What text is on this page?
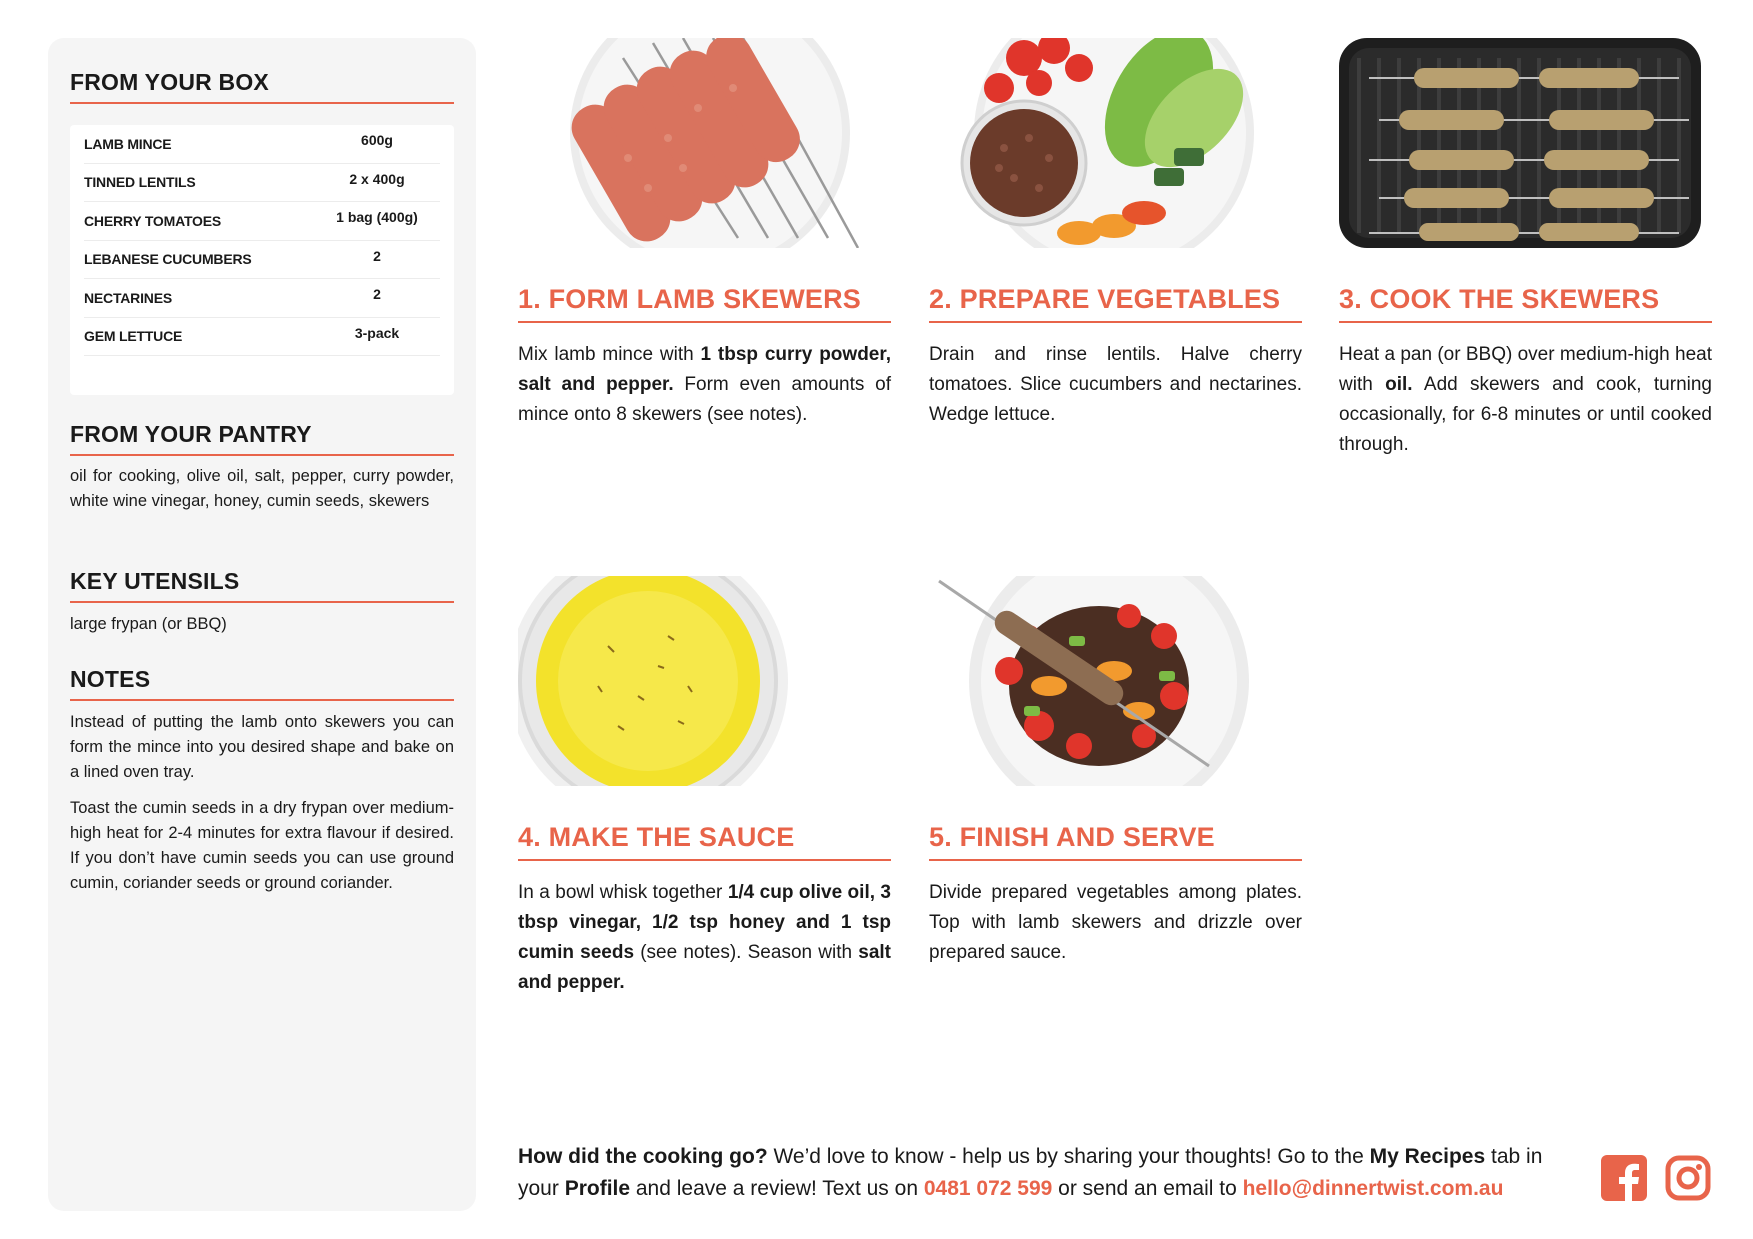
FROM YOUR BOX
LAMB MINCE	600g
TINNED LENTILS	2 x 400g
CHERRY TOMATOES	1 bag (400g)
LEBANESE CUCUMBERS	2
NECTARINES	2
GEM LETTUCE	3-pack
FROM YOUR PANTRY
oil for cooking, olive oil, salt, pepper, curry powder, white wine vinegar, honey, cumin seeds, skewers
KEY UTENSILS
large frypan (or BBQ)
NOTES

Instead of putting the lamb onto skewers you can form the mince into you desired shape and bake on a lined oven tray.

Toast the cumin seeds in a dry frypan over medium-high heat for 2-4 minutes for extra flavour if desired. If you don’t have cumin seeds you can use ground cumin, coriander seeds or ground coriander.

1. FORM LAMB SKEWERS
Mix lamb mince with 1 tbsp curry powder, salt and pepper. Form even amounts of mince onto 8 skewers (see notes).
2. PREPARE VEGETABLES
Drain and rinse lentils. Halve cherry tomatoes. Slice cucumbers and nectarines. Wedge lettuce.
3. COOK THE SKEWERS
Heat a pan (or BBQ) over medium-high heat with oil. Add skewers and cook, turning occasionally, for 6-8 minutes or until cooked through.
4. MAKE THE SAUCE
In a bowl whisk together 1/4 cup olive oil, 3 tbsp vinegar, 1/2 tsp honey and 1 tsp cumin seeds (see notes). Season with salt and pepper.
5. FINISH AND SERVE
Divide prepared vegetables among plates. Top with lamb skewers and drizzle over prepared sauce.
How did the cooking go? We’d love to know - help us by sharing your thoughts! Go to the My Recipes tab in your Profile and leave a review! Text us on 0481 072 599 or send an email to hello@dinnertwist.com.au
